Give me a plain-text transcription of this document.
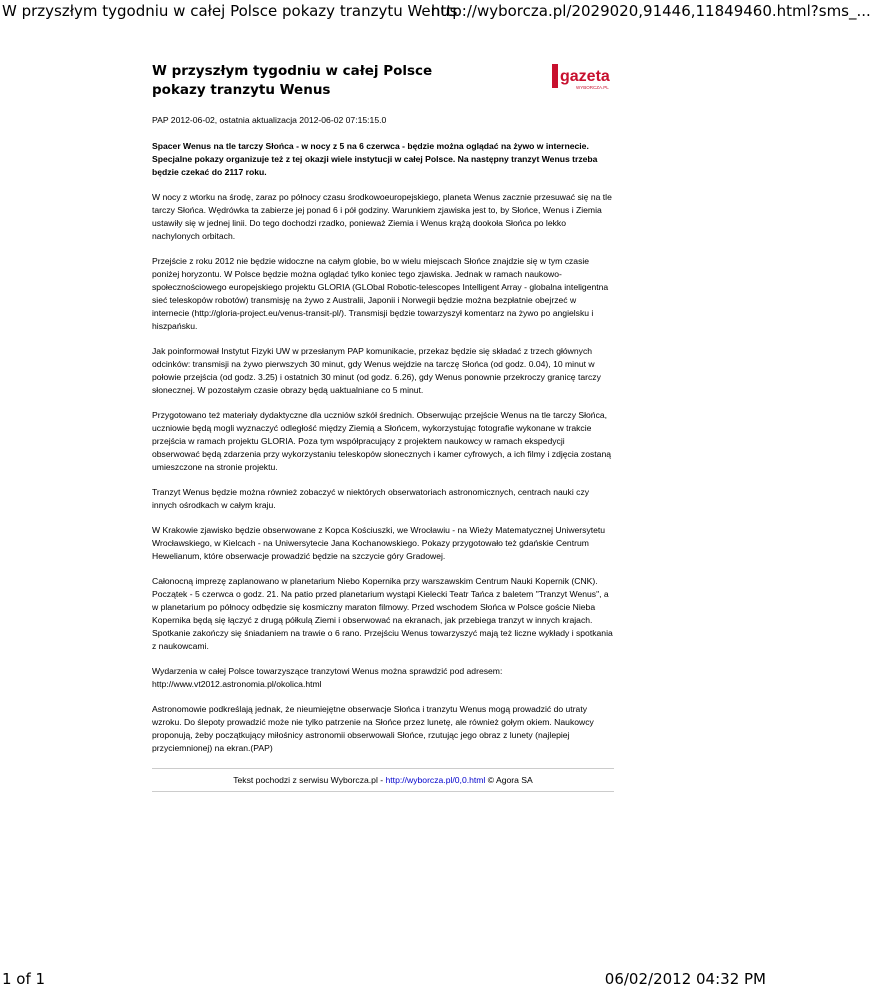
W przyszłym tygodniu w całej Polsce pokazy tranzytu Wenus
http://wyborcza.pl/2029020,91446,11849460.html?sms_...
gazeta
WYBORCZA.PL
W przyszłym tygodniu w całej Polsce pokazy tranzytu Wenus
PAP 2012-06-02, ostatnia aktualizacja 2012-06-02 07:15:15.0
Spacer Wenus na tle tarczy Słońca - w nocy z 5 na 6 czerwca - będzie można oglądać na żywo w internecie. Specjalne pokazy organizuje też z tej okazji wiele instytucji w całej Polsce. Na następny tranzyt Wenus trzeba będzie czekać do 2117 roku.
W nocy z wtorku na środę, zaraz po północy czasu środkowoeuropejskiego, planeta Wenus zacznie przesuwać się na tle tarczy Słońca. Wędrówka ta zabierze jej ponad 6 i pół godziny. Warunkiem zjawiska jest to, by Słońce, Wenus i Ziemia ustawiły się w jednej linii. Do tego dochodzi rzadko, ponieważ Ziemia i Wenus krążą dookoła Słońca po lekko nachylonych orbitach.
Przejście z roku 2012 nie będzie widoczne na całym globie, bo w wielu miejscach Słońce znajdzie się w tym czasie poniżej horyzontu. W Polsce będzie można oglądać tylko koniec tego zjawiska. Jednak w ramach naukowo-społecznościowego europejskiego projektu GLORIA (GLObal Robotic-telescopes Intelligent Array - globalna inteligentna sieć teleskopów robotów) transmisję na żywo z Australii, Japonii i Norwegii będzie można bezpłatnie obejrzeć w internecie (http://gloria-project.eu/venus-transit-pl/). Transmisji będzie towarzyszył komentarz na żywo po angielsku i hiszpańsku.
Jak poinformował Instytut Fizyki UW w przesłanym PAP komunikacie, przekaz będzie się składać z trzech głównych odcinków: transmisji na żywo pierwszych 30 minut, gdy Wenus wejdzie na tarczę Słońca (od godz. 0.04), 10 minut w połowie przejścia (od godz. 3.25) i ostatnich 30 minut (od godz. 6.26), gdy Wenus ponownie przekroczy granicę tarczy słonecznej. W pozostałym czasie obrazy będą uaktualniane co 5 minut.
Przygotowano też materiały dydaktyczne dla uczniów szkół średnich. Obserwując przejście Wenus na tle tarczy Słońca, uczniowie będą mogli wyznaczyć odległość między Ziemią a Słońcem, wykorzystując fotografie wykonane w trakcie przejścia w ramach projektu GLORIA. Poza tym współpracujący z projektem naukowcy w ramach ekspedycji obserwować będą zdarzenia przy wykorzystaniu teleskopów słonecznych i kamer cyfrowych, a ich filmy i zdjęcia zostaną umieszczone na stronie projektu.
Tranzyt Wenus będzie można również zobaczyć w niektórych obserwatoriach astronomicznych, centrach nauki czy innych ośrodkach w całym kraju.
W Krakowie zjawisko będzie obserwowane z Kopca Kościuszki, we Wrocławiu - na Wieży Matematycznej Uniwersytetu Wrocławskiego, w Kielcach - na Uniwersytecie Jana Kochanowskiego. Pokazy przygotowało też gdańskie Centrum Hewelianum, które obserwacje prowadzić będzie na szczycie góry Gradowej.
Całonocną imprezę zaplanowano w planetarium Niebo Kopernika przy warszawskim Centrum Nauki Kopernik (CNK). Początek - 5 czerwca o godz. 21. Na patio przed planetarium wystąpi Kielecki Teatr Tańca z baletem "Tranzyt Wenus", a w planetarium po północy odbędzie się kosmiczny maraton filmowy. Przed wschodem Słońca w Polsce goście Nieba Kopernika będą się łączyć z drugą półkulą Ziemi i obserwować na ekranach, jak przebiega tranzyt w innych krajach. Spotkanie zakończy się śniadaniem na trawie o 6 rano. Przejściu Wenus towarzyszyć mają też liczne wykłady i spotkania z naukowcami.
Wydarzenia w całej Polsce towarzyszące tranzytowi Wenus można sprawdzić pod adresem: http://www.vt2012.astronomia.pl/okolica.html
Astronomowie podkreślają jednak, że nieumiejętne obserwacje Słońca i tranzytu Wenus mogą prowadzić do utraty wzroku. Do ślepoty prowadzić może nie tylko patrzenie na Słońce przez lunetę, ale również gołym okiem. Naukowcy proponują, żeby początkujący miłośnicy astronomii obserwowali Słońce, rzutując jego obraz z lunety (najlepiej przyciemnionej) na ekran.(PAP)
Tekst pochodzi z serwisu Wyborcza.pl - http://wyborcza.pl/0,0.html © Agora SA
1 of 1	06/02/2012 04:32 PM
